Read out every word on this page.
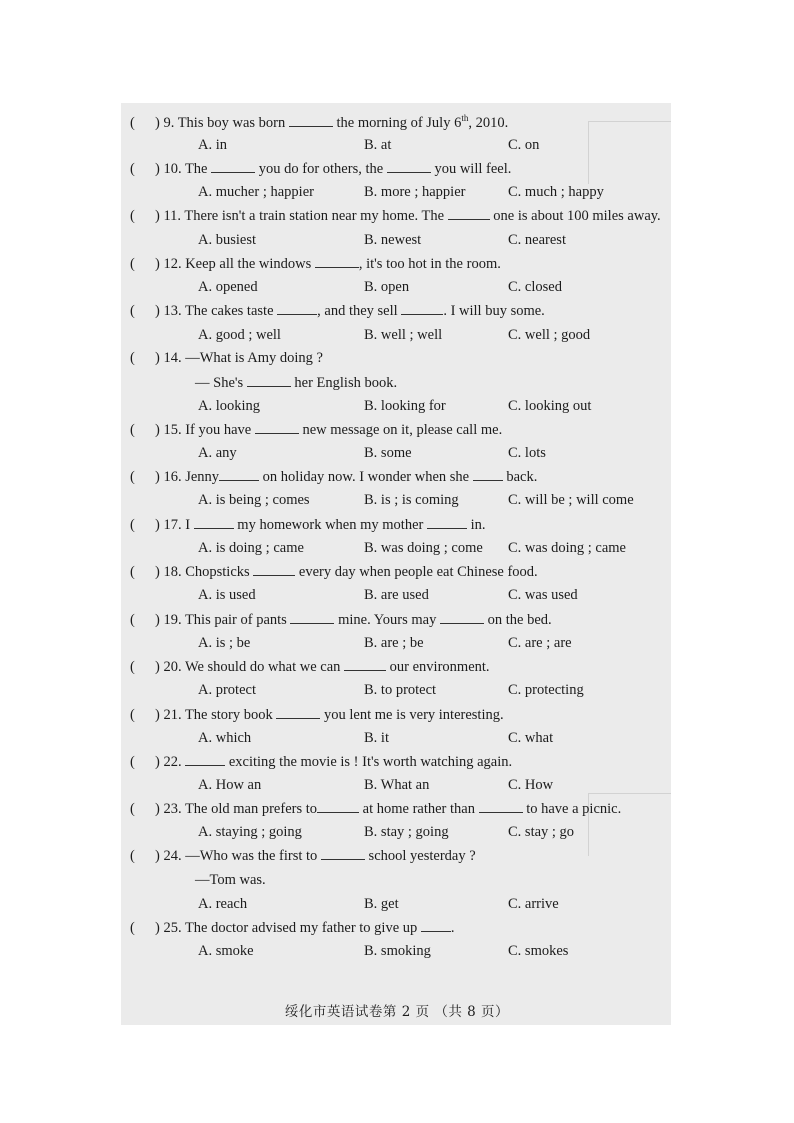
( ) 9. This boy was born	the morning of July 6th, 2010.
A. in	B. at	C. on
( ) 10. The	you do for others, the	you will feel.
A. mucher ; happier	B. more ; happier	C. much ; happy
( ) 11. There isn't a train station near my home. The	one is about 100 miles away.
A. busiest	B. newest	C. nearest
( ) 12. Keep all the windows	, it's too hot in the room.
A. opened	B. open	C. closed
( ) 13. The cakes taste	, and they sell	. I will buy some.
A. good ; well	B. well ; well	C. well ; good
( ) 14. —What is Amy doing ?
— She's	her English book.
A. looking	B. looking for	C. looking out
( ) 15. If you have	new message on it, please call me.
A. any	B. some	C. lots
( ) 16. Jenny	on holiday now. I wonder when she  back.
A. is being ; comes	B. is ; is coming	C. will be ; will come
( ) 17. I	my homework when my mother	in.
A. is doing ; came	B. was doing ; come C. was doing ; came
( ) 18. Chopsticks	every day when people eat Chinese food.
A. is used	B. are used	C. was used
( ) 19. This pair of pants	mine. Yours may	on the bed.
A. is ; be	B. are ; be	C. are ; are
( ) 20. We should do what we can	our environment.
A. protect	B. to protect	C. protecting
( ) 21. The story book	you lent me is very interesting.
A. which	B. it	C. what
( ) 22.	exciting the movie is ! It's worth watching again.
A. How an	B. What an	C. How
( ) 23. The old man prefers to	at home rather than	to have a picnic.
A. staying ; going	B. stay ; going	C. stay ; go
( ) 24. —Who was the first to	school yesterday ?
—Tom was.
A. reach	B. get	C. arrive
( ) 25. The doctor advised my father to give up .
A. smoke	B. smoking	C. smokes
绥化市英语试卷第 2 页 （共 8 页）
